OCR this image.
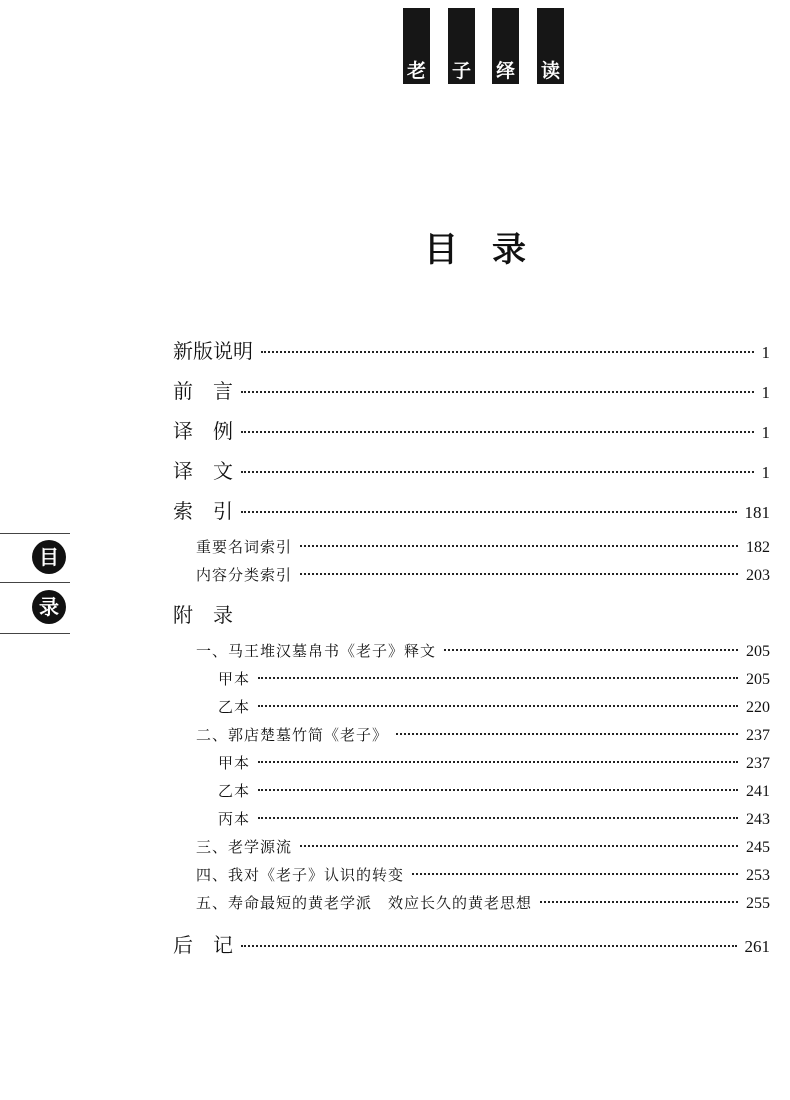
老 子 绎 读
目　录
目
录
新版说明	1
前　言	1
译　例	1
译　文	1
索　引	181
重要名词索引	182
内容分类索引	203
附　录
一、马王堆汉墓帛书《老子》释文	205
甲本	205
乙本	220
二、郭店楚墓竹简《老子》	237
甲本	237
乙本	241
丙本	243
三、老学源流	245
四、我对《老子》认识的转变	253
五、寿命最短的黄老学派　效应长久的黄老思想	255
后　记	261
